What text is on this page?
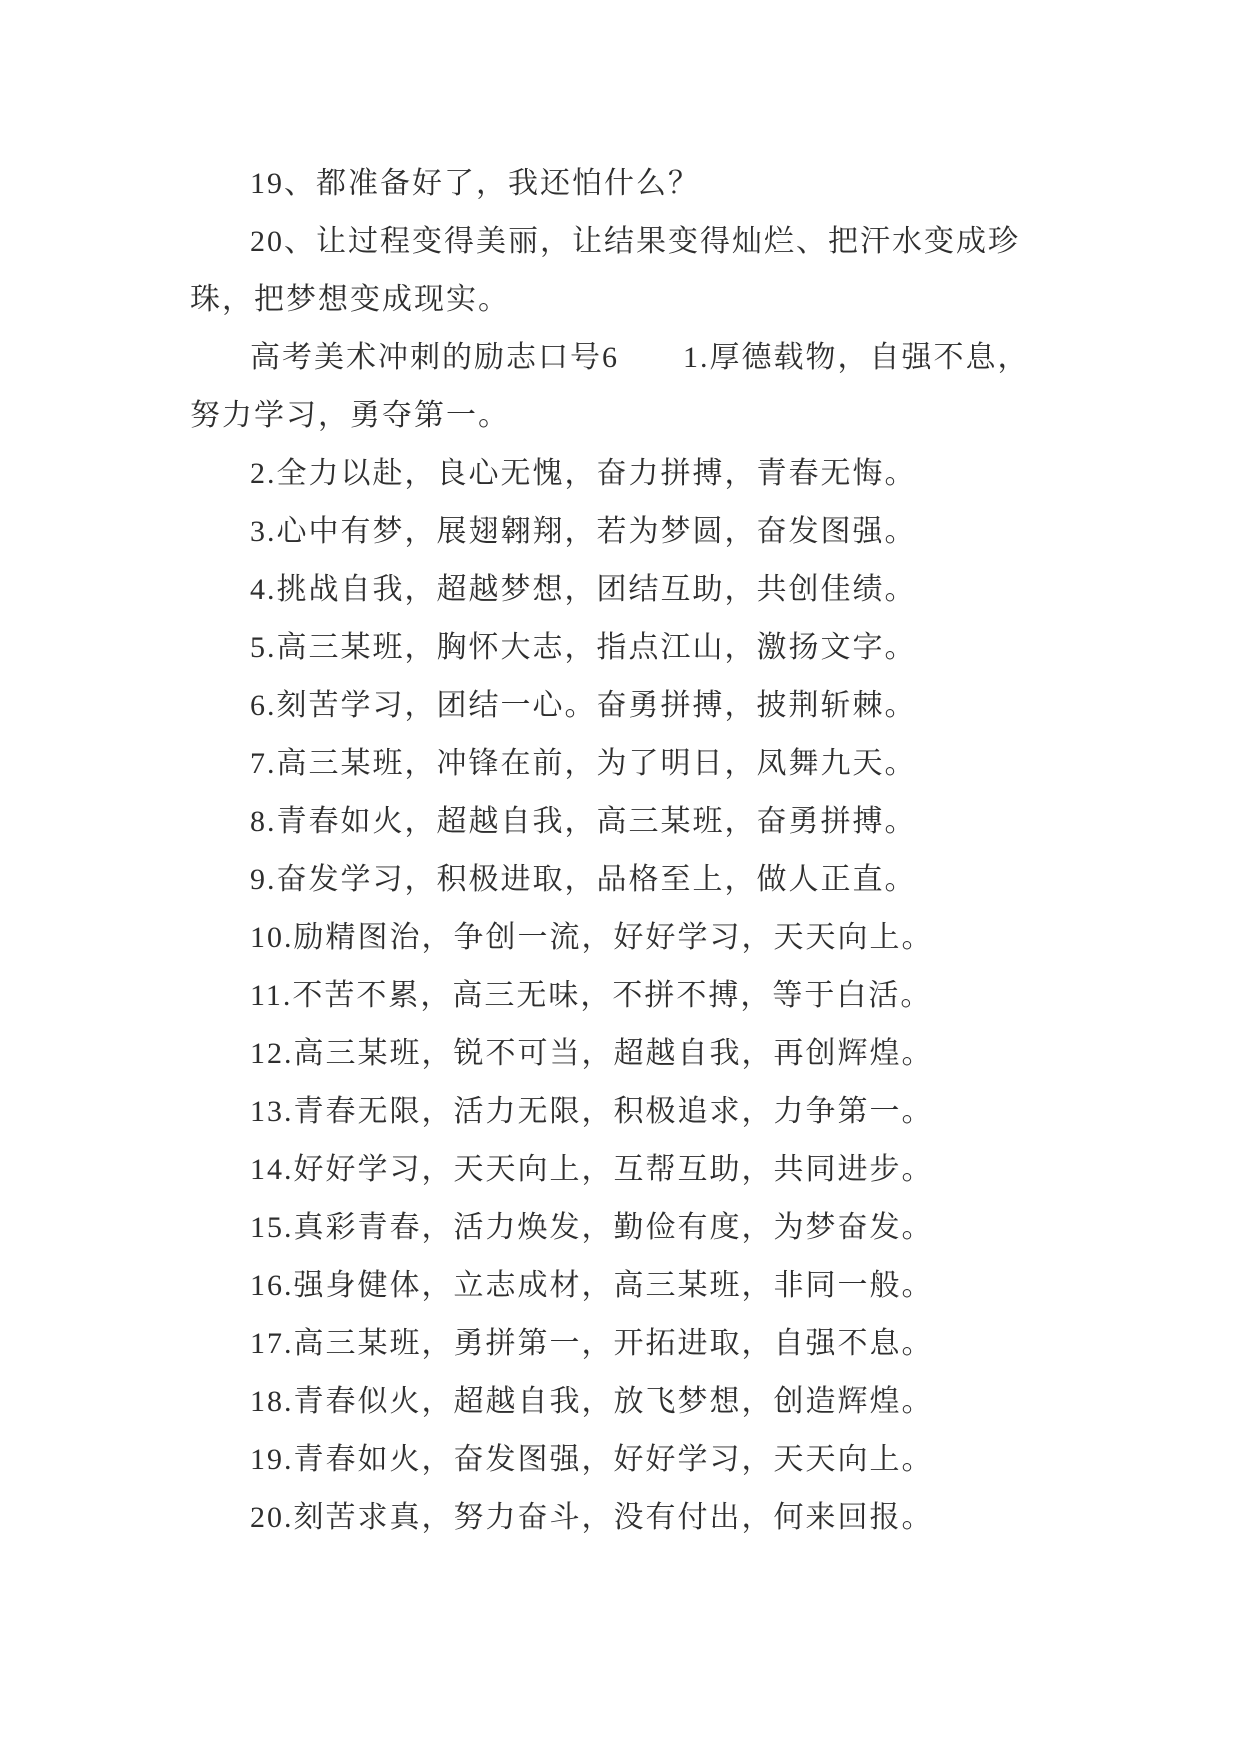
19、都准备好了，我还怕什么？
20、让过程变得美丽，让结果变得灿烂、把汗水变成珍
珠，把梦想变成现实。
高考美术冲刺的励志口号6　　1.厚德载物，自强不息，
努力学习，勇夺第一。
2.全力以赴，良心无愧，奋力拼搏，青春无悔。
3.心中有梦，展翅翱翔，若为梦圆，奋发图强。
4.挑战自我，超越梦想，团结互助，共创佳绩。
5.高三某班，胸怀大志，指点江山，激扬文字。
6.刻苦学习，团结一心。奋勇拼搏，披荆斩棘。
7.高三某班，冲锋在前，为了明日，凤舞九天。
8.青春如火，超越自我，高三某班，奋勇拼搏。
9.奋发学习，积极进取，品格至上，做人正直。
10.励精图治，争创一流，好好学习，天天向上。
11.不苦不累，高三无味，不拼不搏，等于白活。
12.高三某班，锐不可当，超越自我，再创辉煌。
13.青春无限，活力无限，积极追求，力争第一。
14.好好学习，天天向上，互帮互助，共同进步。
15.真彩青春，活力焕发，勤俭有度，为梦奋发。
16.强身健体，立志成材，高三某班，非同一般。
17.高三某班，勇拼第一，开拓进取，自强不息。
18.青春似火，超越自我，放飞梦想，创造辉煌。
19.青春如火，奋发图强，好好学习，天天向上。
20.刻苦求真，努力奋斗，没有付出，何来回报。
